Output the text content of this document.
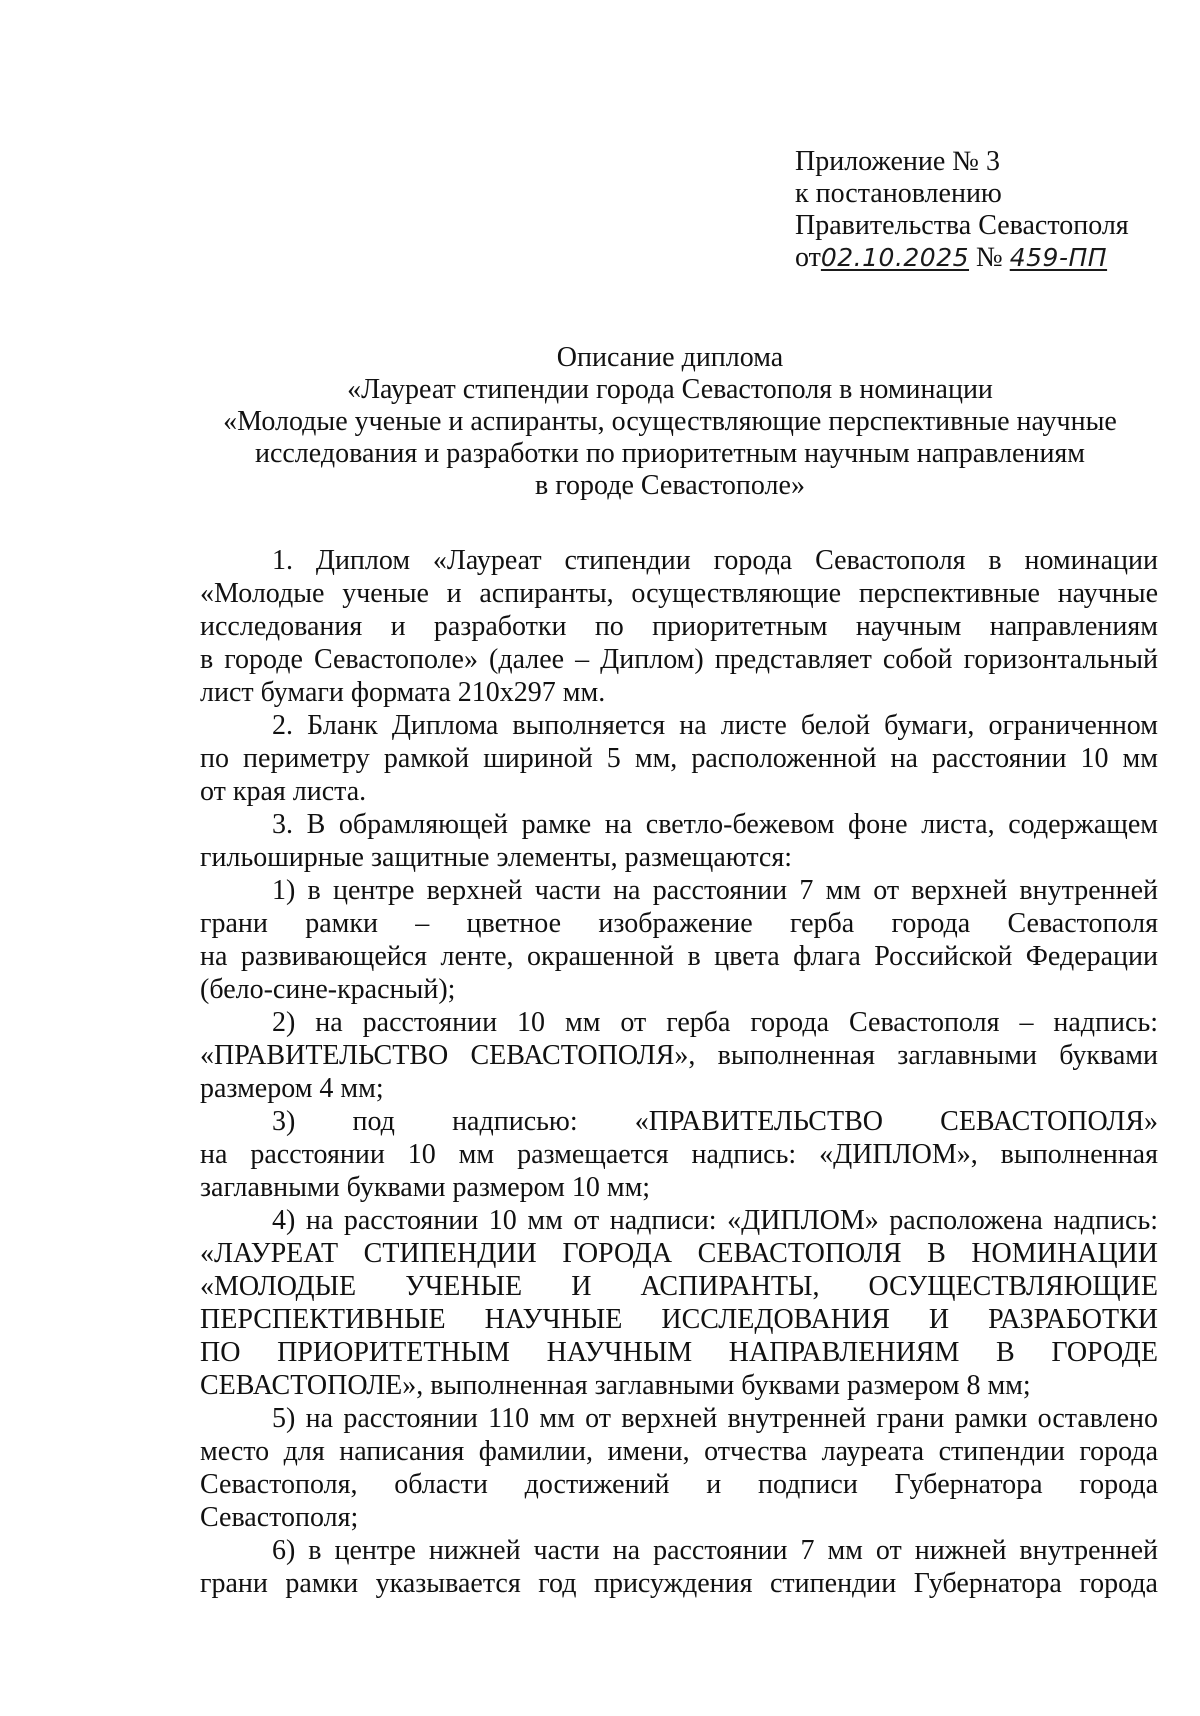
Приложение № 3
к постановлению
Правительства Севастополя
от02.10.2025 № 459-ПП
Описание диплома
«Лауреат стипендии города Севастополя в номинации
«Молодые ученые и аспиранты, осуществляющие перспективные научные
исследования и разработки по приоритетным научным направлениям
в городе Севастополе»
1. Диплом «Лауреат стипендии города Севастополя в номинации
«Молодые ученые и аспиранты, осуществляющие перспективные научные
исследования и разработки по приоритетным научным направлениям
в городе Севастополе» (далее – Диплом) представляет собой горизонтальный
лист бумаги формата 210х297 мм.
2. Бланк Диплома выполняется на листе белой бумаги, ограниченном
по периметру рамкой шириной 5 мм, расположенной на расстоянии 10 мм
от края листа.
3. В обрамляющей рамке на светло-бежевом фоне листа, содержащем
гильоширные защитные элементы, размещаются:
1) в центре верхней части на расстоянии 7 мм от верхней внутренней
грани рамки – цветное изображение герба города Севастополя
на развивающейся ленте, окрашенной в цвета флага Российской Федерации
(бело-сине-красный);
2) на расстоянии 10 мм от герба города Севастополя – надпись:
«ПРАВИТЕЛЬСТВО СЕВАСТОПОЛЯ», выполненная заглавными буквами
размером 4 мм;
3) под надписью: «ПРАВИТЕЛЬСТВО СЕВАСТОПОЛЯ»
на расстоянии 10 мм размещается надпись: «ДИПЛОМ», выполненная
заглавными буквами размером 10 мм;
4) на расстоянии 10 мм от надписи: «ДИПЛОМ» расположена надпись:
«ЛАУРЕАТ СТИПЕНДИИ ГОРОДА СЕВАСТОПОЛЯ В НОМИНАЦИИ
«МОЛОДЫЕ УЧЕНЫЕ И АСПИРАНТЫ, ОСУЩЕСТВЛЯЮЩИЕ
ПЕРСПЕКТИВНЫЕ НАУЧНЫЕ ИССЛЕДОВАНИЯ И РАЗРАБОТКИ
ПО ПРИОРИТЕТНЫМ НАУЧНЫМ НАПРАВЛЕНИЯМ В ГОРОДЕ
СЕВАСТОПОЛЕ», выполненная заглавными буквами размером 8 мм;
5) на расстоянии 110 мм от верхней внутренней грани рамки оставлено
место для написания фамилии, имени, отчества лауреата стипендии города
Севастополя, области достижений и подписи Губернатора города
Севастополя;
6) в центре нижней части на расстоянии 7 мм от нижней внутренней
грани рамки указывается год присуждения стипендии Губернатора города
